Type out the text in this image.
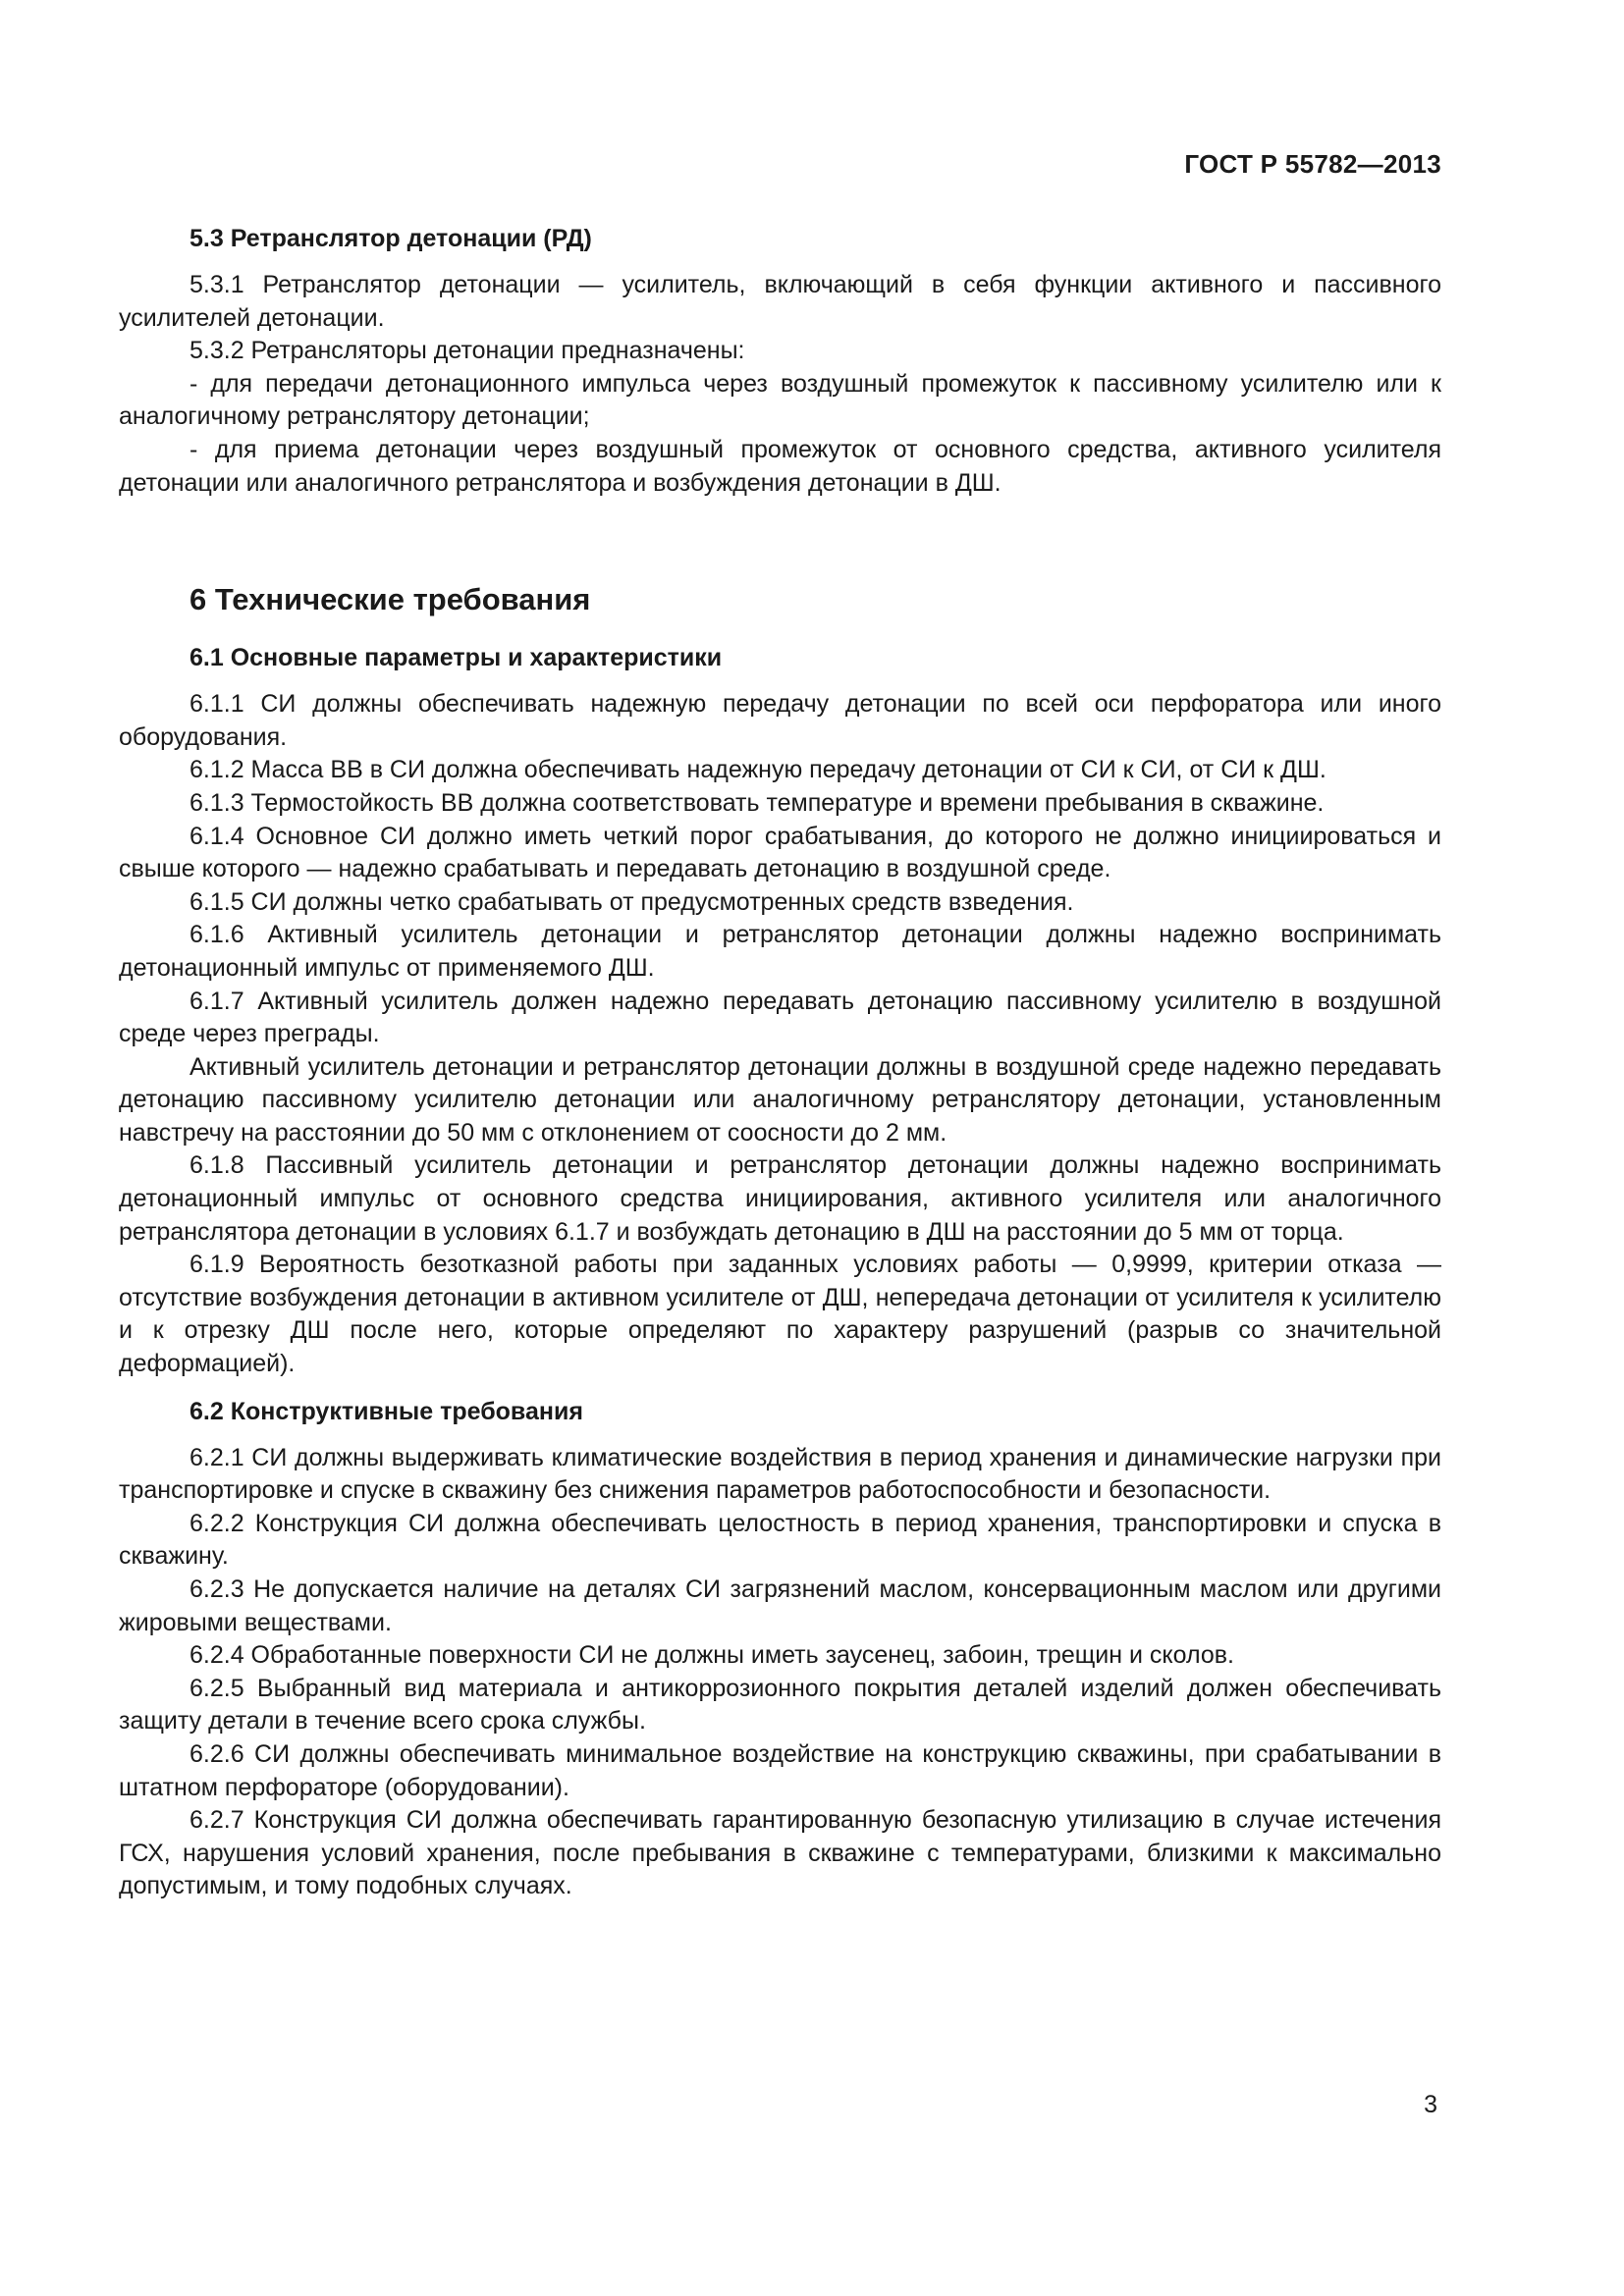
ГОСТ Р 55782—2013
5.3 Ретранслятор детонации (РД)

5.3.1 Ретранслятор детонации — усилитель, включающий в себя функции активного и пассивного усилителей детонации.

5.3.2 Ретрансляторы детонации предназначены:

- для передачи детонационного импульса через воздушный промежуток к пассивному усилителю или к аналогичному ретранслятору детонации;

- для приема детонации через воздушный промежуток от основного средства, активного усилителя детонации или аналогичного ретранслятора и возбуждения детонации в ДШ.

6 Технические требования
6.1 Основные параметры и характеристики

6.1.1 СИ должны обеспечивать надежную передачу детонации по всей оси перфоратора или иного оборудования.

6.1.2 Масса ВВ в СИ должна обеспечивать надежную передачу детонации от СИ к СИ, от СИ к ДШ.

6.1.3 Термостойкость ВВ должна соответствовать температуре и времени пребывания в скважине.

6.1.4 Основное СИ должно иметь четкий порог срабатывания, до которого не должно инициироваться и свыше которого — надежно срабатывать и передавать детонацию в воздушной среде.

6.1.5 СИ должны четко срабатывать от предусмотренных средств взведения.

6.1.6 Активный усилитель детонации и ретранслятор детонации должны надежно воспринимать детонационный импульс от применяемого ДШ.

6.1.7 Активный усилитель должен надежно передавать детонацию пассивному усилителю в воздушной среде через преграды.

Активный усилитель детонации и ретранслятор детонации должны в воздушной среде надежно передавать детонацию пассивному усилителю детонации или аналогичному ретранслятору детонации, установленным навстречу на расстоянии до 50 мм с отклонением от соосности до 2 мм.

6.1.8 Пассивный усилитель детонации и ретранслятор детонации должны надежно воспринимать детонационный импульс от основного средства инициирования, активного усилителя или аналогичного ретранслятора детонации в условиях 6.1.7 и возбуждать детонацию в ДШ на расстоянии до 5 мм от торца.

6.1.9 Вероятность безотказной работы при заданных условиях работы — 0,9999, критерии отказа — отсутствие возбуждения детонации в активном усилителе от ДШ, непередача детонации от усилителя к усилителю и к отрезку ДШ после него, которые определяют по характеру разрушений (разрыв со значительной деформацией).

6.2 Конструктивные требования

6.2.1 СИ должны выдерживать климатические воздействия в период хранения и динамические нагрузки при транспортировке и спуске в скважину без снижения параметров работоспособности и безопасности.

6.2.2 Конструкция СИ должна обеспечивать целостность в период хранения, транспортировки и спуска в скважину.

6.2.3 Не допускается наличие на деталях СИ загрязнений маслом, консервационным маслом или другими жировыми веществами.

6.2.4 Обработанные поверхности СИ не должны иметь заусенец, забоин, трещин и сколов.

6.2.5 Выбранный вид материала и антикоррозионного покрытия деталей изделий должен обеспечивать защиту детали в течение всего срока службы.

6.2.6 СИ должны обеспечивать минимальное воздействие на конструкцию скважины, при срабатывании в штатном перфораторе (оборудовании).

6.2.7 Конструкция СИ должна обеспечивать гарантированную безопасную утилизацию в случае истечения ГСХ, нарушения условий хранения, после пребывания в скважине с температурами, близкими к максимально допустимым, и тому подобных случаях.

3
